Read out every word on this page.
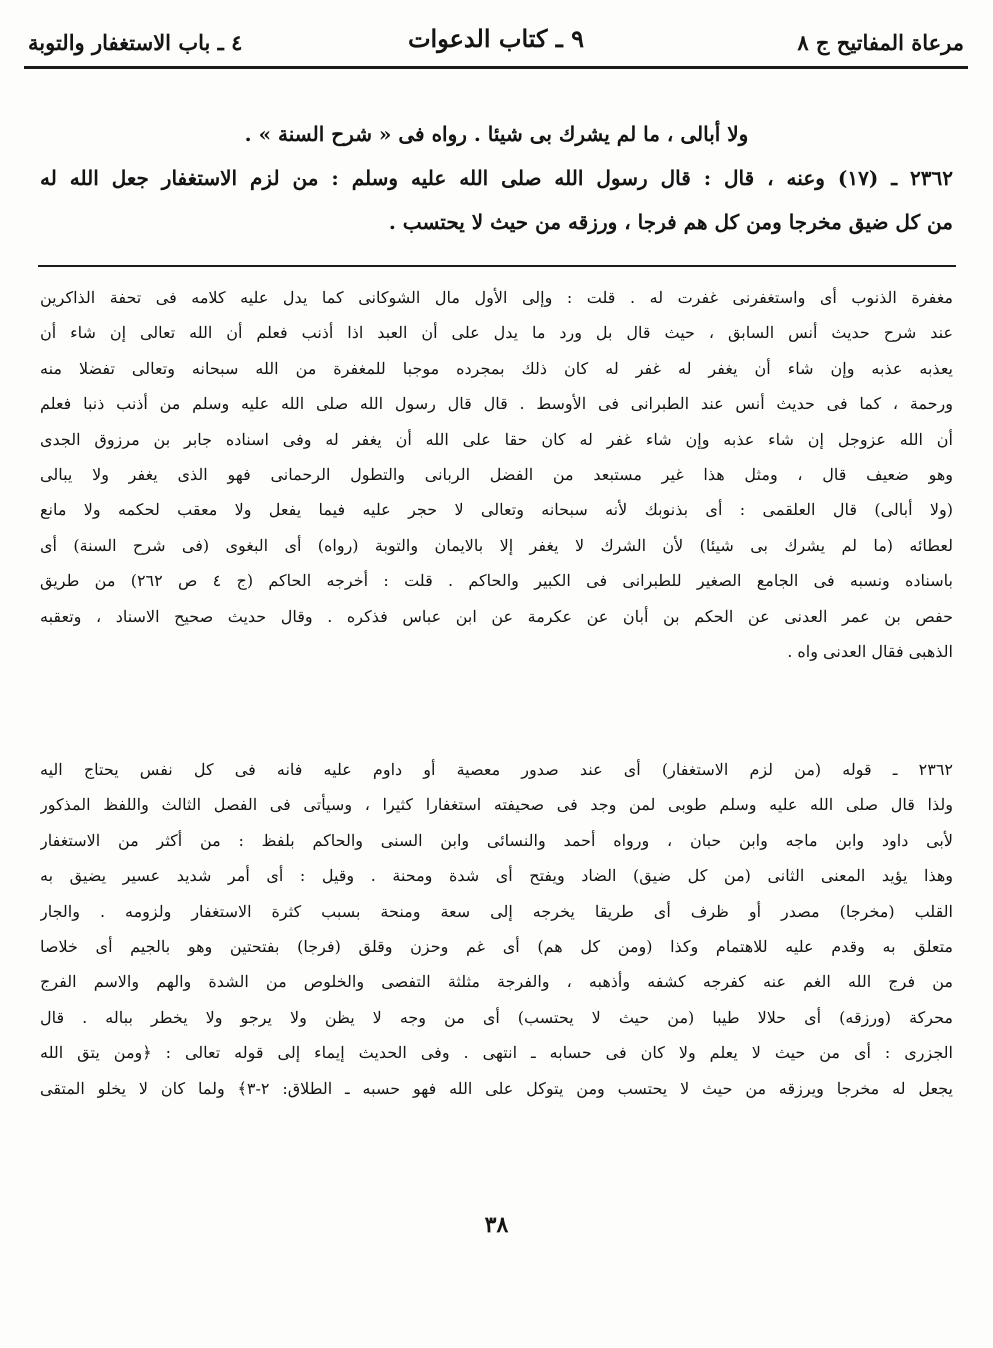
مرعاة المفاتيح ج ٨
٩ ـ كتاب الدعوات
٤ ـ باب الاستغفار والتوبة
ولا أبالى ، ما لم يشرك بى شيئا . رواه فى « شرح السنة » .
٢٣٦٢ ـ (١٧) وعنه ، قال : قال رسول الله صلى الله عليه وسلم : من لزم الاستغفار جعل الله له
من كل ضيق مخرجا ومن كل هم فرجا ، ورزقه من حيث لا يحتسب .
مغفرة الذنوب أى واستغفرنى غفرت له . قلت : وإلى الأول مال الشوكانى كما يدل عليه كلامه فى تحفة الذاكرين
عند شرح حديث أنس السابق ، حيث قال بل ورد ما يدل على أن العبد اذا أذنب فعلم أن الله تعالى إن شاء أن
يعذبه عذبه وإن شاء أن يغفر له غفر له كان ذلك بمجرده موجبا للمغفرة من الله سبحانه وتعالى تفضلا منه
ورحمة ، كما فى حديث أنس عند الطبرانى فى الأوسط . قال قال رسول الله صلى الله عليه وسلم من أذنب ذنبا فعلم
أن الله عزوجل إن شاء عذبه وإن شاء غفر له كان حقا على الله أن يغفر له وفى اسناده جابر بن مرزوق الجدى
وهو ضعيف قال ، ومثل هذا غير مستبعد من الفضل الربانى والتطول الرحمانى فهو الذى يغفر ولا يبالى
(ولا أبالى) قال العلقمى : أى بذنوبك لأنه سبحانه وتعالى لا حجر عليه فيما يفعل ولا معقب لحكمه ولا مانع
لعطائه (ما لم يشرك بى شيئا) لأن الشرك لا يغفر إلا بالايمان والتوبة (رواه) أى البغوى (فى شرح السنة) أى
باسناده ونسبه فى الجامع الصغير للطبرانى فى الكبير والحاكم . قلت : أخرجه الحاكم (ج ٤ ص ٢٦٢) من طريق
حفص بن عمر العدنى عن الحكم بن أبان عن عكرمة عن ابن عباس فذكره . وقال حديث صحيح الاسناد ، وتعقبه
الذهبى فقال العدنى واه .
٢٣٦٢ ـ قوله (من لزم الاستغفار) أى عند صدور معصية أو داوم عليه فانه فى كل نفس يحتاج اليه
ولذا قال صلى الله عليه وسلم طوبى لمن وجد فى صحيفته استغفارا كثيرا ، وسيأتى فى الفصل الثالث واللفظ المذكور
لأبى داود وابن ماجه وابن حبان ، ورواه أحمد والنسائى وابن السنى والحاكم بلفظ : من أكثر من الاستغفار
وهذا يؤيد المعنى الثانى (من كل ضيق) الضاد ويفتح أى شدة ومحنة . وقيل : أى أمر شديد عسير يضيق به
القلب (مخرجا) مصدر أو ظرف أى طريقا يخرجه إلى سعة ومنحة بسبب كثرة الاستغفار ولزومه . والجار
متعلق به وقدم عليه للاهتمام وكذا (ومن كل هم) أى غم وحزن وقلق (فرجا) بفتحتين وهو بالجيم أى خلاصا
من فرج الله الغم عنه كفرجه كشفه وأذهبه ، والفرجة مثلثة التفصى والخلوص من الشدة والهم والاسم الفرج
محركة (ورزقه) أى حلالا طيبا (من حيث لا يحتسب) أى من وجه لا يظن ولا يرجو ولا يخطر بباله . قال
الجزرى : أى من حيث لا يعلم ولا كان فى حسابه ـ انتهى . وفى الحديث إيماء إلى قوله تعالى : ﴿ومن يتق الله
يجعل له مخرجا ويرزقه من حيث لا يحتسب ومن يتوكل على الله فهو حسبه ـ الطلاق: ٢-٣﴾ ولما كان لا يخلو المتقى
٣٨
